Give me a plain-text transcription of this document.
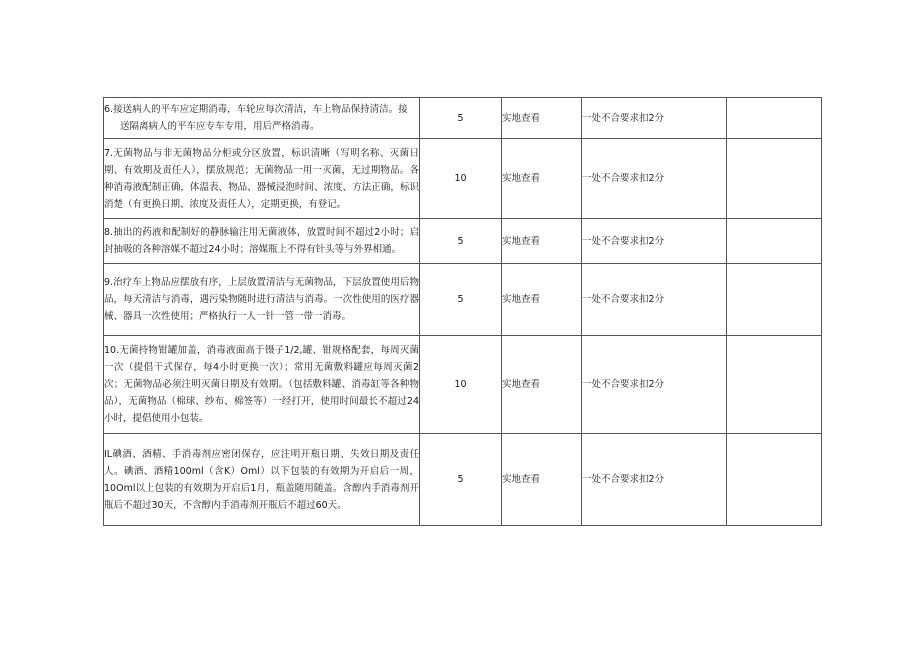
6.接送病人的平车应定期消毒，车轮应每次清洁，车上物品保持清洁。接
送隔离病人的平车应专车专用，用后严格消毒。	5	实地查看	一处不合要求扣2分	
7.无菌物品与非无菌物品分柜或分区放置，标识清晰（写明名称、灭菌日期、有效期及责任人），摆放规范；无菌物品一用一灭菌，无过期物品。各种消毒液配制正确，体温表、物品、器械浸泡时间、浓度、方法正确，标识消楚（有更换日期、浓度及责任人），定期更换，有登记。	10	实地查看	一处不合要求扣2分	
8.抽出的药液和配制好的静脉输注用无菌液体，放置时间不超过2小时；启封抽吸的各种溶媒不超过24小时；溶媒瓶上不得有针头等与外界相通。	5	实地查看	一处不合要求扣2分	
9.治疗车上物品应摆放有序，上层放置清洁与无菌物品，下层放置使用后物品，每天清洁与消毒，遇污染物随时进行清洁与消毒。一次性使用的医疗器械、器具一次性使用；严格执行一人一针一管一带一消毒。	5	实地查看	一处不合要求扣2分	
10.无菌持物钳罐加盖，消毒液面高于镊子1/2,罐、钳规格配套，每周灭菌一次（提倡干式保存，每4小时更换一次）；常用无菌敷料罐应每周灭菌2次；无菌物品必须注明灭菌日期及有效期。（包括敷料罐、消毒缸等各种物品），无菌物品（棉球、纱布、棉签等）一经打开，使用时间最长不超过24小时，提倡使用小包装。	10	实地查看	一处不合要求扣2分	
IL碘酒、酒精、手消毒剂应密闭保存，应注明开瓶日期、失效日期及责任人。碘酒、酒精100ml（含K）Oml）以下包装的有效期为开启后一周，10Oml以上包装的有效期为开启后1月，瓶盖随用随盖。含醇内手消毒剂开瓶后不超过30天，不含醇内手消毒剂开瓶后不超过60天。	5	实地查看	一处不合要求扣2分	
